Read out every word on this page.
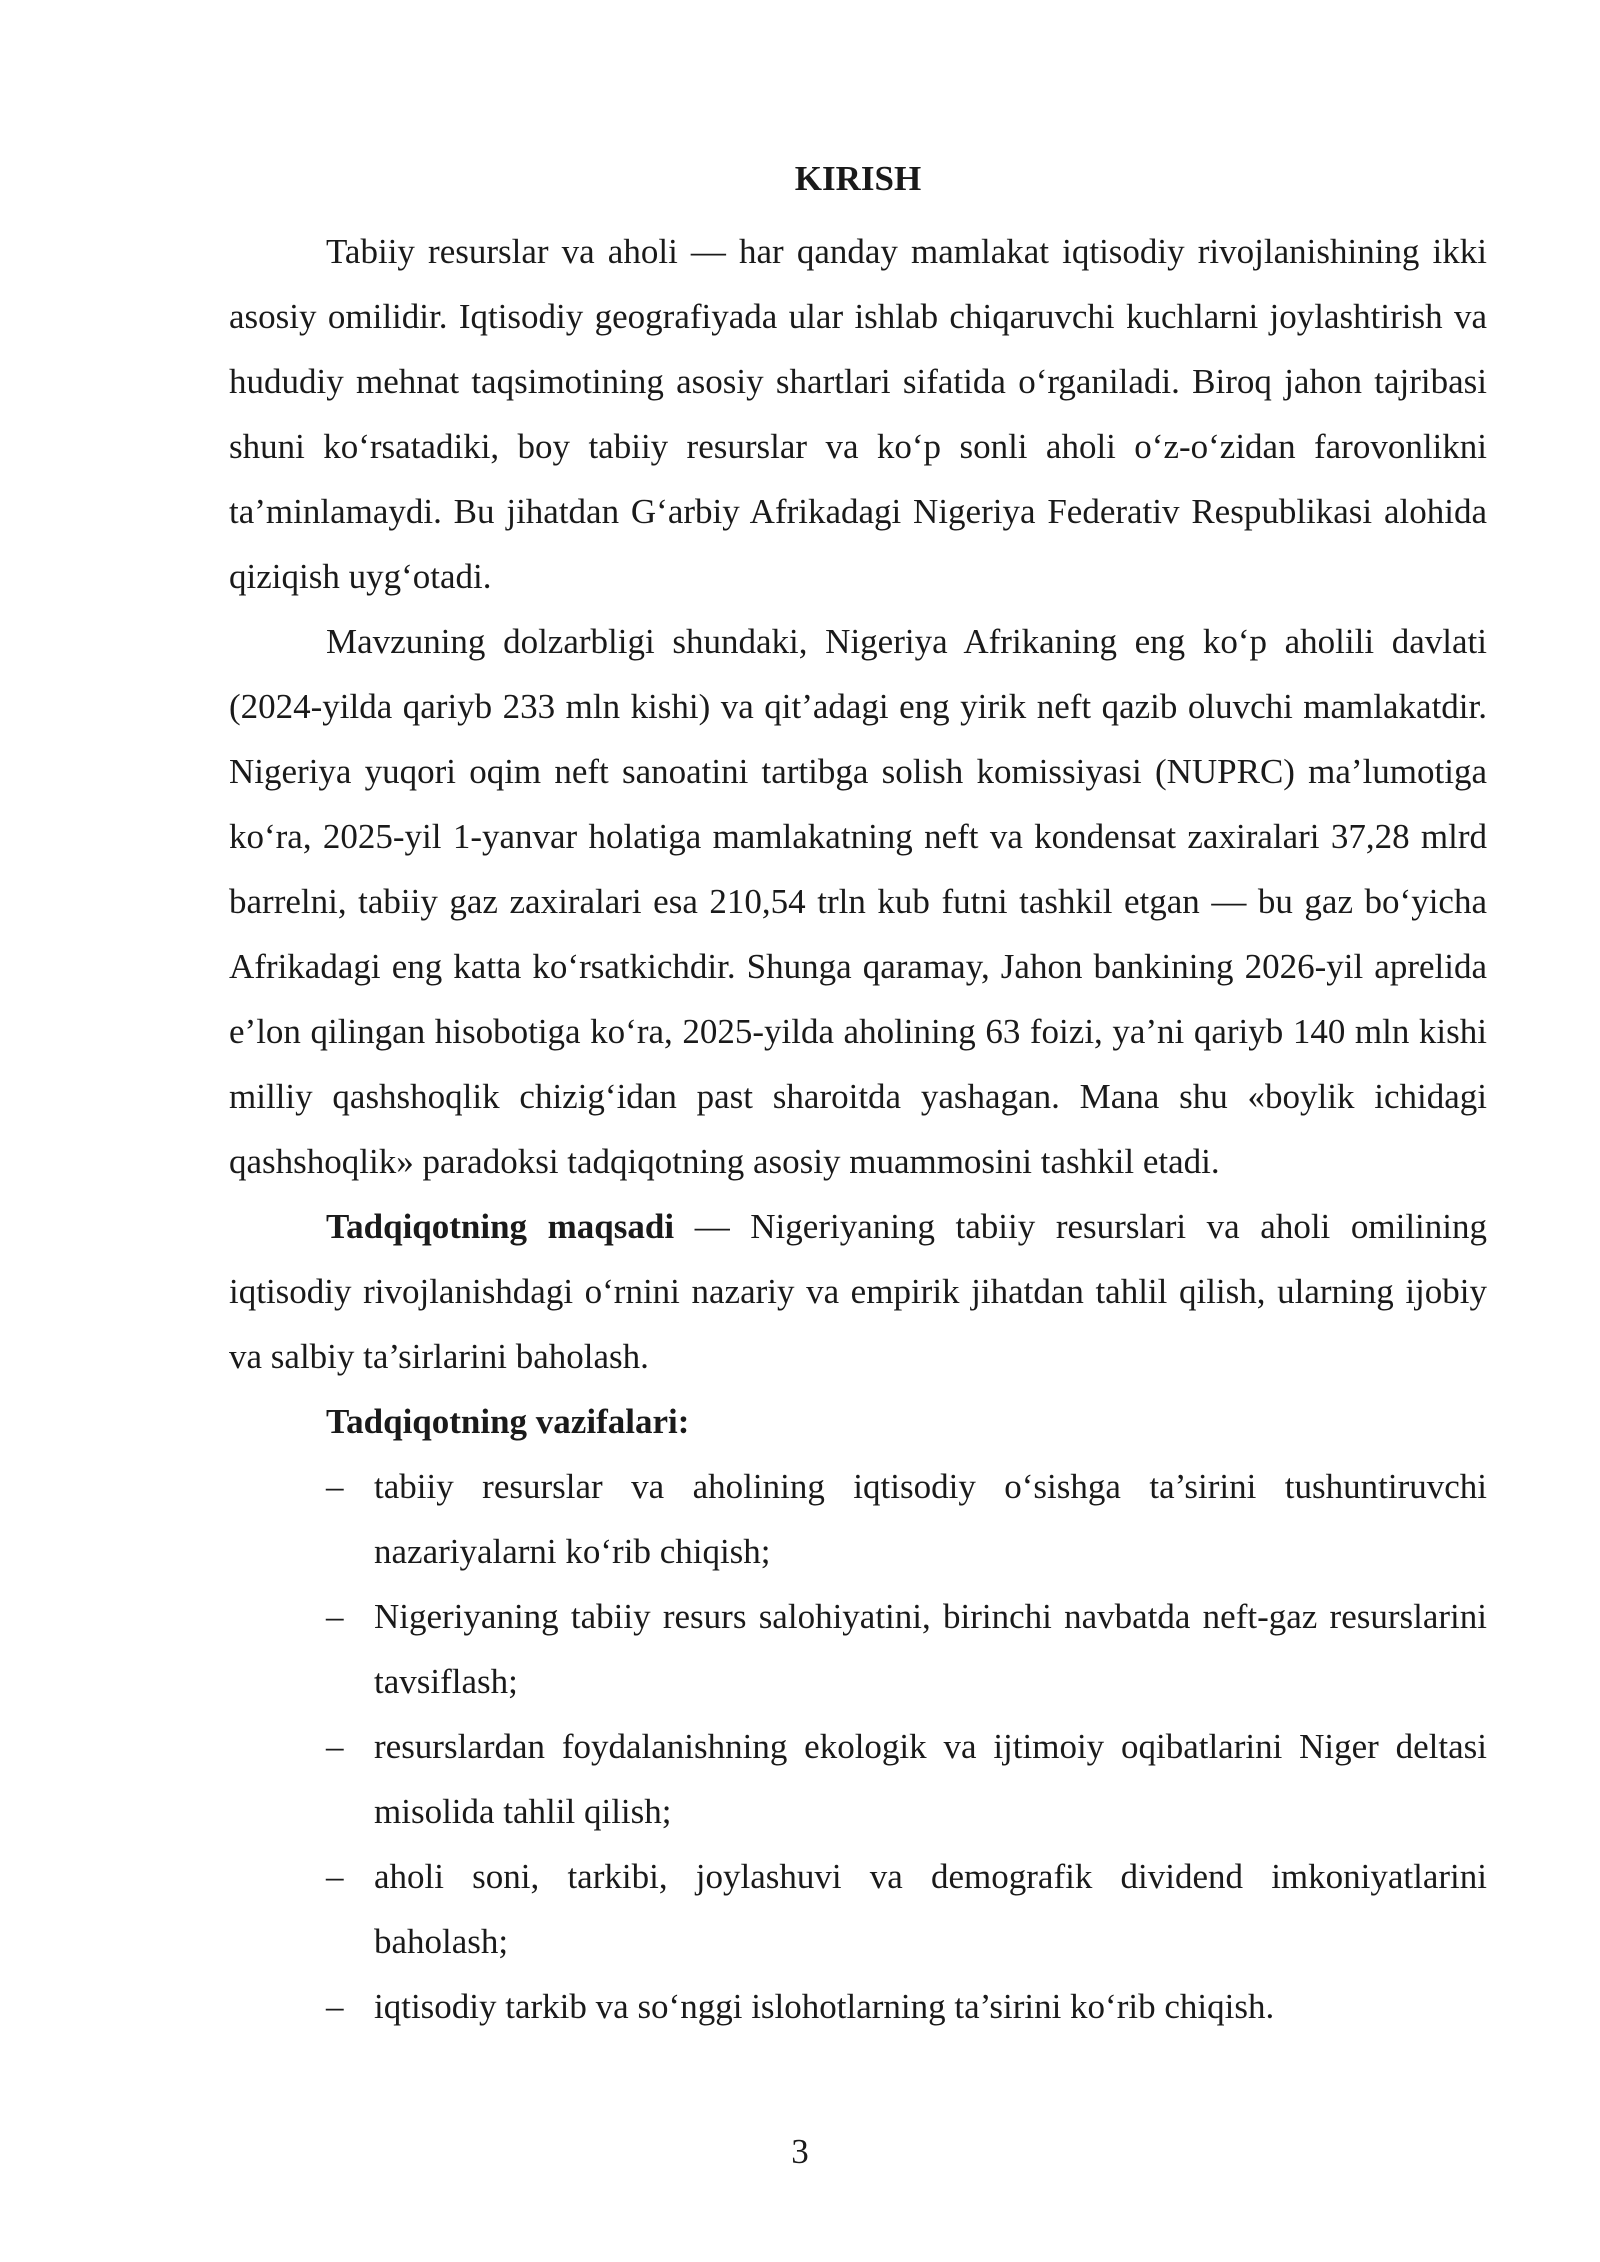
KIRISH

Tabiiy resurslar va aholi — har qanday mamlakat iqtisodiy rivojlanishining ikki asosiy omilidir. Iqtisodiy geografiyada ular ishlab chiqaruvchi kuchlarni joylashtirish va hududiy mehnat taqsimotining asosiy shartlari sifatida o‘rganiladi. Biroq jahon tajribasi shuni ko‘rsatadiki, boy tabiiy resurslar va ko‘p sonli aholi o‘z-o‘zidan farovonlikni ta’minlamaydi. Bu jihatdan G‘arbiy Afrikadagi Nigeriya Federativ Respublikasi alohida qiziqish uyg‘otadi.

Mavzuning dolzarbligi shundaki, Nigeriya Afrikaning eng ko‘p aholili davlati (2024-yilda qariyb 233 mln kishi) va qit’adagi eng yirik neft qazib oluvchi mamlakatdir. Nigeriya yuqori oqim neft sanoatini tartibga solish komissiyasi (NUPRC) ma’lumotiga ko‘ra, 2025-yil 1-yanvar holatiga mamlakatning neft va kondensat zaxiralari 37,28 mlrd barrelni, tabiiy gaz zaxiralari esa 210,54 trln kub futni tashkil etgan — bu gaz bo‘yicha Afrikadagi eng katta ko‘rsatkichdir. Shunga qaramay, Jahon bankining 2026-yil aprelida e’lon qilingan hisobotiga ko‘ra, 2025-yilda aholining 63 foizi, ya’ni qariyb 140 mln kishi milliy qashshoqlik chizig‘idan past sharoitda yashagan. Mana shu «boylik ichidagi qashshoqlik» paradoksi tadqiqotning asosiy muammosini tashkil etadi.

Tadqiqotning maqsadi — Nigeriyaning tabiiy resurslari va aholi omilining iqtisodiy rivojlanishdagi o‘rnini nazariy va empirik jihatdan tahlil qilish, ularning ijobiy va salbiy ta’sirlarini baholash.

Tadqiqotning vazifalari:

– tabiiy resurslar va aholining iqtisodiy o‘sishga ta’sirini tushuntiruvchi nazariyalarni ko‘rib chiqish;
– Nigeriyaning tabiiy resurs salohiyatini, birinchi navbatda neft-gaz resurslarini tavsiflash;
– resurslardan foydalanishning ekologik va ijtimoiy oqibatlarini Niger deltasi misolida tahlil qilish;
– aholi soni, tarkibi, joylashuvi va demografik dividend imkoniyatlarini baholash;
– iqtisodiy tarkib va so‘nggi islohotlarning ta’sirini ko‘rib chiqish.
3
